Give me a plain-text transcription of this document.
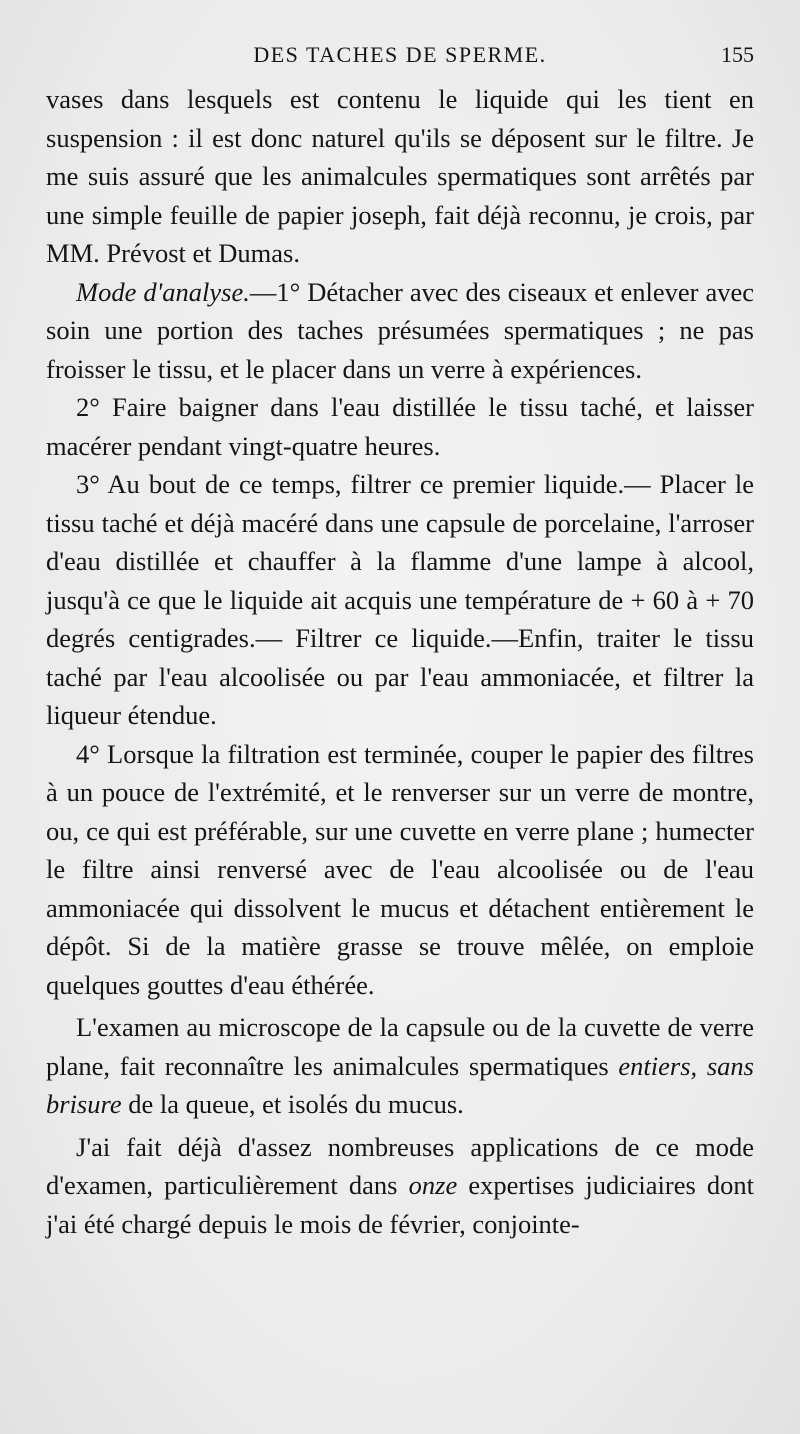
DES TACHES DE SPERME.	155

vases dans lesquels est contenu le liquide qui les tient en suspension : il est donc naturel qu'ils se déposent sur le filtre. Je me suis assuré que les animalcules spermatiques sont arrêtés par une simple feuille de papier joseph, fait déjà reconnu, je crois, par MM. Prévost et Dumas.

Mode d'analyse.—1° Détacher avec des ciseaux et enlever avec soin une portion des taches présumées spermatiques ; ne pas froisser le tissu, et le placer dans un verre à expériences.

2° Faire baigner dans l'eau distillée le tissu taché, et laisser macérer pendant vingt-quatre heures.

3° Au bout de ce temps, filtrer ce premier liquide.— Placer le tissu taché et déjà macéré dans une capsule de porcelaine, l'arroser d'eau distillée et chauffer à la flamme d'une lampe à alcool, jusqu'à ce que le liquide ait acquis une température de + 60 à + 70 degrés centigrades.— Filtrer ce liquide.—Enfin, traiter le tissu taché par l'eau alcoolisée ou par l'eau ammoniacée, et filtrer la liqueur étendue.

4° Lorsque la filtration est terminée, couper le papier des filtres à un pouce de l'extrémité, et le renverser sur un verre de montre, ou, ce qui est préférable, sur une cuvette en verre plane ; humecter le filtre ainsi renversé avec de l'eau alcoolisée ou de l'eau ammoniacée qui dissolvent le mucus et détachent entièrement le dépôt. Si de la matière grasse se trouve mêlée, on emploie quelques gouttes d'eau éthérée.

L'examen au microscope de la capsule ou de la cuvette de verre plane, fait reconnaître les animalcules spermatiques entiers, sans brisure de la queue, et isolés du mucus.

J'ai fait déjà d'assez nombreuses applications de ce mode d'examen, particulièrement dans onze expertises judiciaires dont j'ai été chargé depuis le mois de février, conjointe-
